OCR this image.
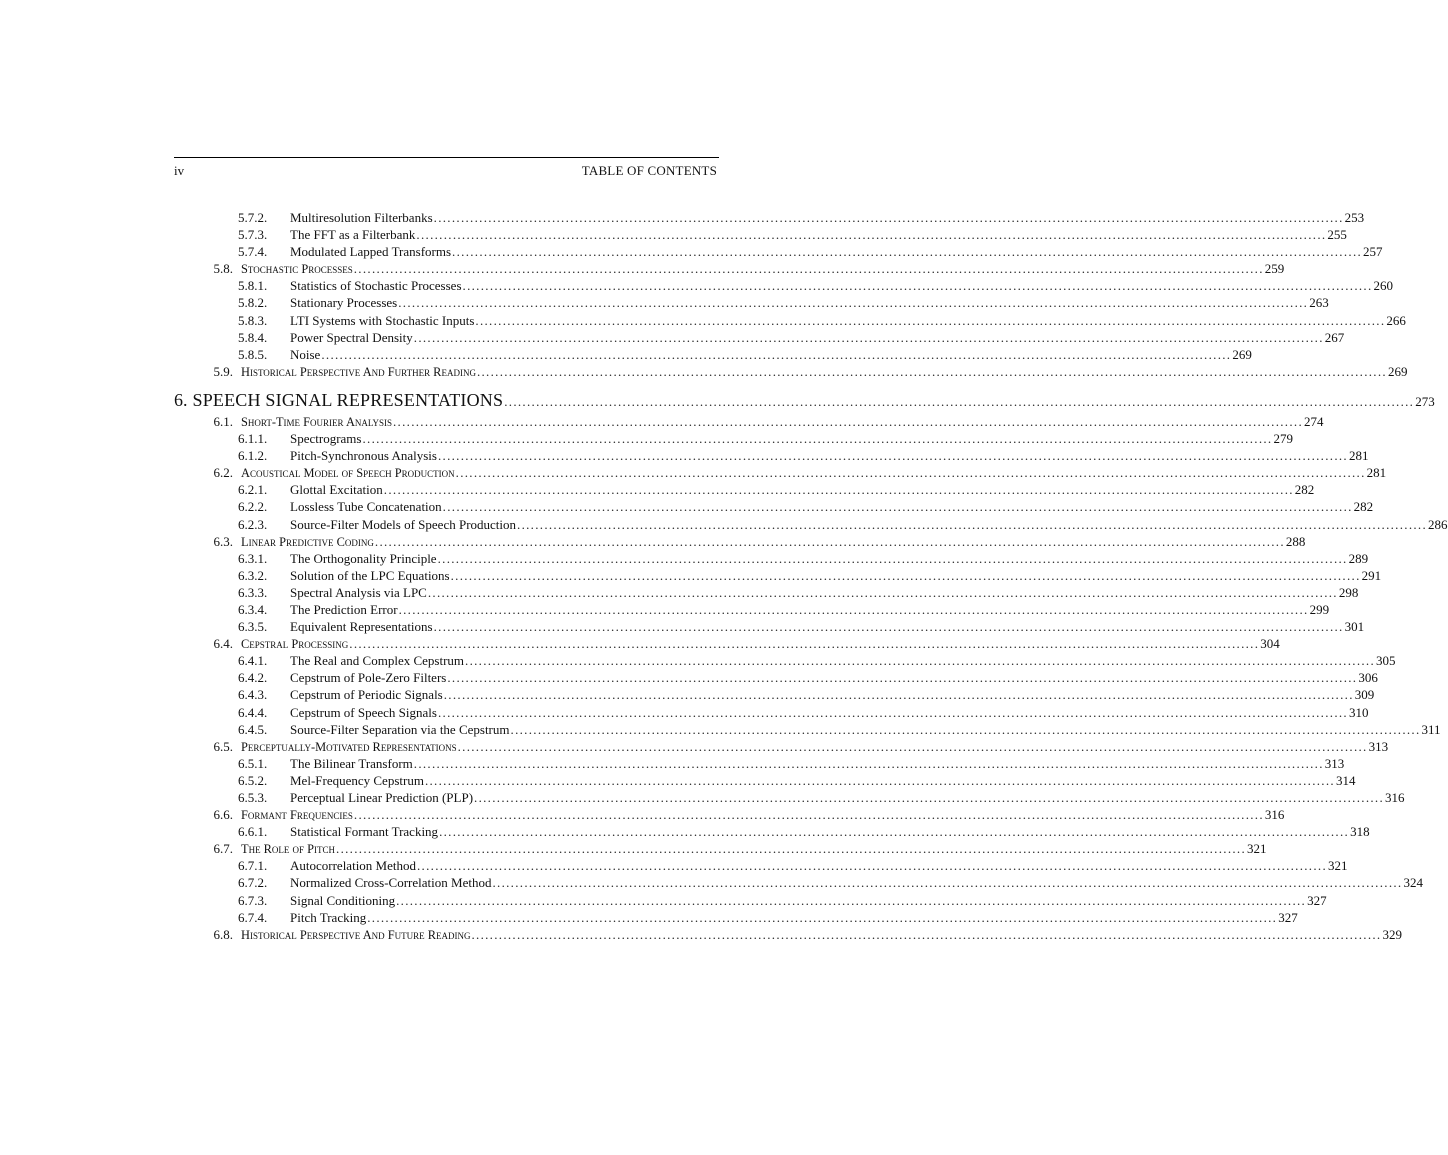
iv	TABLE OF CONTENTS
5.7.2.	Multiresolution Filterbanks ........................................................................................................................................................................................................ 253
5.7.3.	The FFT as a Filterbank ........................................................................................................................................................................................................ 255
5.7.4.	Modulated Lapped Transforms ........................................................................................................................................................................................................ 257
5.8. Stochastic Processes ........................................................................................................................................................................................................ 259
5.8.1.	Statistics of Stochastic Processes ........................................................................................................................................................................................................ 260
5.8.2.	Stationary Processes ........................................................................................................................................................................................................ 263
5.8.3.	LTI Systems with Stochastic Inputs ........................................................................................................................................................................................................ 266
5.8.4.	Power Spectral Density ........................................................................................................................................................................................................ 267
5.8.5.	Noise ........................................................................................................................................................................................................ 269
5.9. Historical Perspective And Further Reading ........................................................................................................................................................................................................ 269
6. SPEECH SIGNAL REPRESENTATIONS ........................................................................................................................................................................................................ 273
6.1. Short-Time Fourier Analysis ........................................................................................................................................................................................................ 274
6.1.1.	Spectrograms ........................................................................................................................................................................................................ 279
6.1.2.	Pitch-Synchronous Analysis ........................................................................................................................................................................................................ 281
6.2. Acoustical Model of Speech Production ........................................................................................................................................................................................................ 281
6.2.1.	Glottal Excitation ........................................................................................................................................................................................................ 282
6.2.2.	Lossless Tube Concatenation ........................................................................................................................................................................................................ 282
6.2.3.	Source-Filter Models of Speech Production ........................................................................................................................................................................................................ 286
6.3. Linear Predictive Coding ........................................................................................................................................................................................................ 288
6.3.1.	The Orthogonality Principle ........................................................................................................................................................................................................ 289
6.3.2.	Solution of the LPC Equations ........................................................................................................................................................................................................ 291
6.3.3.	Spectral Analysis via LPC ........................................................................................................................................................................................................ 298
6.3.4.	The Prediction Error ........................................................................................................................................................................................................ 299
6.3.5.	Equivalent Representations ........................................................................................................................................................................................................ 301
6.4. Cepstral Processing ........................................................................................................................................................................................................ 304
6.4.1.	The Real and Complex Cepstrum ........................................................................................................................................................................................................ 305
6.4.2.	Cepstrum of Pole-Zero Filters ........................................................................................................................................................................................................ 306
6.4.3.	Cepstrum of Periodic Signals ........................................................................................................................................................................................................ 309
6.4.4.	Cepstrum of Speech Signals ........................................................................................................................................................................................................ 310
6.4.5.	Source-Filter Separation via the Cepstrum ........................................................................................................................................................................................................ 311
6.5. Perceptually-Motivated Representations ........................................................................................................................................................................................................ 313
6.5.1.	The Bilinear Transform ........................................................................................................................................................................................................ 313
6.5.2.	Mel-Frequency Cepstrum ........................................................................................................................................................................................................ 314
6.5.3.	Perceptual Linear Prediction (PLP) ........................................................................................................................................................................................................ 316
6.6. Formant Frequencies ........................................................................................................................................................................................................ 316
6.6.1.	Statistical Formant Tracking ........................................................................................................................................................................................................ 318
6.7. The Role of Pitch ........................................................................................................................................................................................................ 321
6.7.1.	Autocorrelation Method ........................................................................................................................................................................................................ 321
6.7.2.	Normalized Cross-Correlation Method ........................................................................................................................................................................................................ 324
6.7.3.	Signal Conditioning ........................................................................................................................................................................................................ 327
6.7.4.	Pitch Tracking ........................................................................................................................................................................................................ 327
6.8. Historical Perspective And Future Reading ........................................................................................................................................................................................................ 329
